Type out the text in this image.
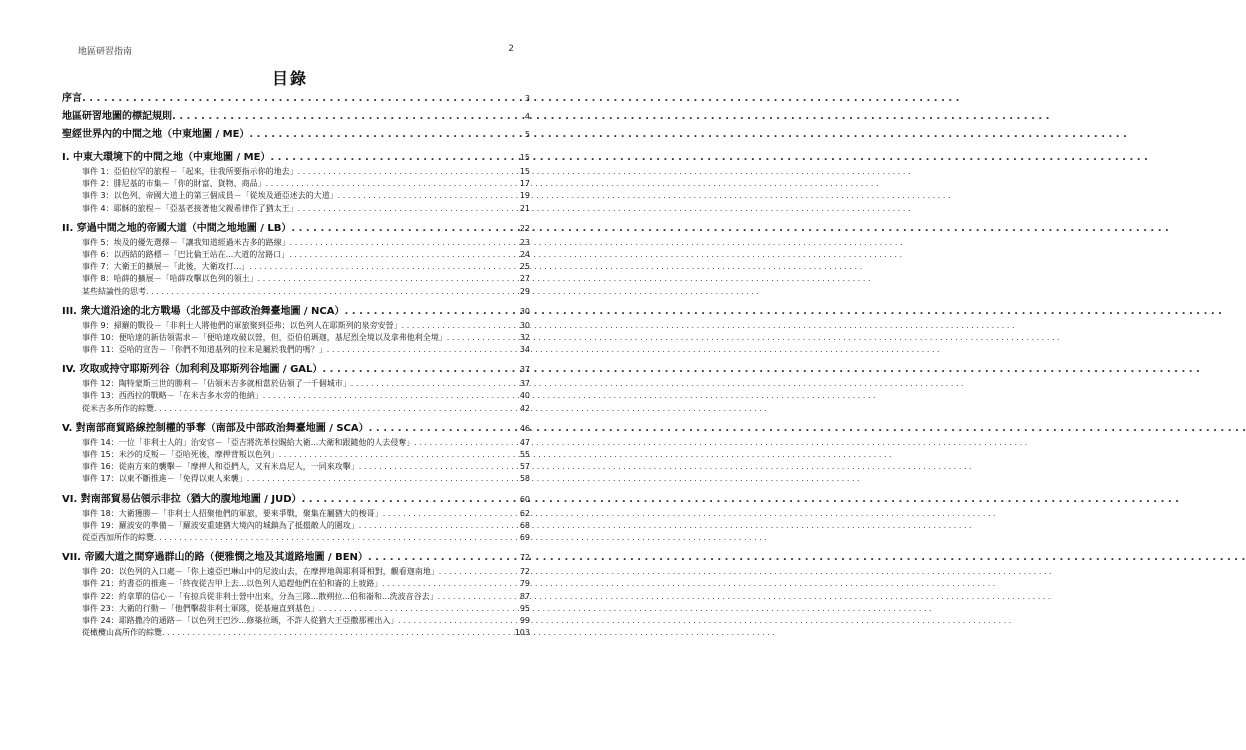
地區研習指南	2
目錄
序言 . . .	3
地區研習地圖的標記規則 . . .	4
聖經世界內的中間之地（中東地圖 / ME） . . .	5
I. 中東大環境下的中間之地（中東地圖 / ME） . . .	15
事件 1：亞伯拉罕的旅程－「起來，往我所要指示你的地去」 . . .	15
事件 2：腓尼基的市集－「你的財富、貨物、商品」 . . .	17
事件 3：以色列、帝國大道上的第三個成員－「從埃及通亞述去的大道」 . . .	19
事件 4：耶穌的旅程－「亞基老接著他父親希律作了猶太王」 . . .	21
II. 穿過中間之地的帝國大道（中間之地地圖 / LB） . . .	22
事件 5：埃及的優先選擇－「讓我知道經過米吉多的路線」 . . .	23
事件 6：以西結的路標－「巴比倫王站在...大道的岔路口」 . . .	24
事件 7：大衛王的擴展－「此後，大衛攻打...」 . . .	25
事件 8：哈薛的擴展－「哈薛攻擊以色列的領土」 . . .	27
某些結論性的思考 . . .	29
III. 衆大道沿途的北方戰場（北部及中部政治舞臺地圖 / NCA） . . .	30
事件 9：掃羅的戰役－「非利士人將他們的軍旅聚到亞弗；以色列人在耶斯列的泉旁安營」 . . .	30
事件 10：便哈達的新估領需求－「便哈達攻破以營，但，亞伯伯瑪迦，基尼烈全境以及拿弗他利全境」 . . .	32
事件 11：亞哈的宣告－「你們不知道基列的拉末是屬於我們的嗎？」 . . .	34
IV. 攻取或持守耶斯列谷（加利利及耶斯列谷地圖 / GAL） . . .	37
事件 12：陶特蒙斯三世的勝利－「佔領米吉多就相當於佔領了一千個城市」 . . .	37
事件 13：西西拉的戰略－「在米吉多水旁的他納」 . . .	40
從米吉多所作的綜覽 . . .	42
V. 對南部商貿路線控制權的爭奪（南部及中部政治舞臺地圖 / SCA） . . .	46
事件 14：一位「非利士人的」治安官－「亞吉將洗革拉賜給大衛...大衛和跟隨他的人去侵奪」 . . .	47
事件 15：米沙的反叛－「亞哈死後，摩押背叛以色列」 . . .	55
事件 16：從南方來的襲擊－「摩押人和亞捫人，又有米烏尼人，一同來攻擊」 . . .	57
事件 17：以東不斷推進－「免得以東人來襲」 . . .	58
VI. 對南部貿易佔領示非拉（猶大的腹地地圖 / JUD） . . .	60
事件 18：大衛獲勝－「非利士人招聚他們的軍旅，要來爭戰，聚集在屬猶大的梭哥」 . . .	62
事件 19：羅波安的準備－「羅波安重建猶大境內的城鎮為了抵擋敵人的圍攻」 . . .	68
從亞西加所作的綜覽 . . .	69
VII. 帝國大道之間穿過群山的路（便雅憫之地及其道路地圖 / BEN） . . .	72
事件 20：以色列的入口處－「你上遠亞巴琳山中的尼波山去，在摩押地與耶利哥相對，觀看迦南地」 . . .	72
事件 21：約書亞的推進－「終夜從吉甲上去...以色列人追趕他們在伯和崙的上坡路」 . . .	79
事件 22：約拿單的信心－「有掠兵從非利士營中出來，分為三隊...散朔拉...伯和崙和...洗波音谷去」 . . .	87
事件 23：大衛的行動－「他們擊殺非利士軍隊，從基遍直到基色」 . . .	95
事件 24：耶路撒冷的通路－「以色列王巴沙...修築拉瑪，不許人從猶大王亞撒那裡出入」 . . .	99
從橄欖山高所作的綜覽 . . .	103
